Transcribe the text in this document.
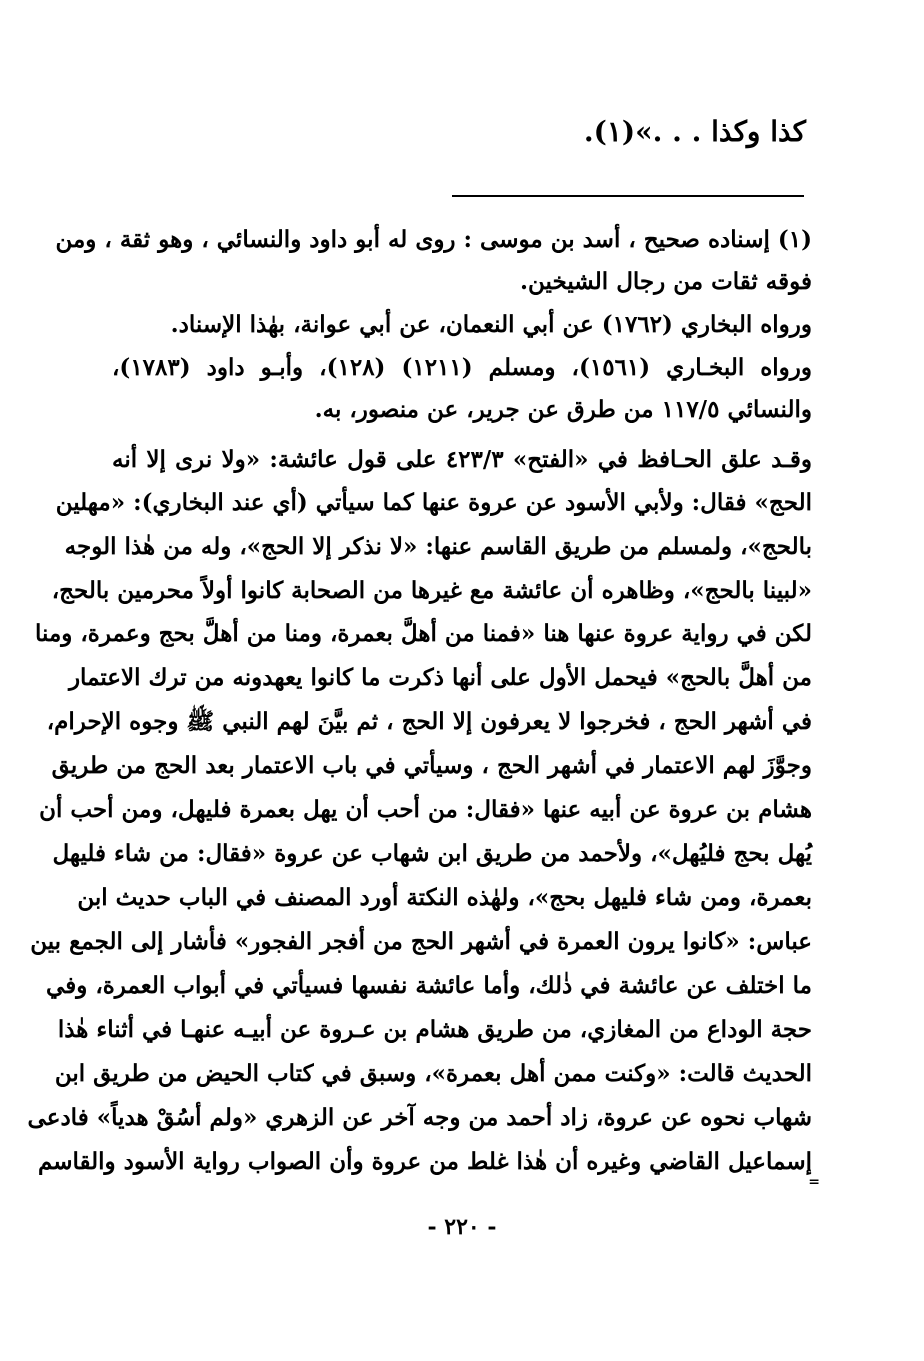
كذا وكذا . . .»(١).
(١) إسناده صحيح ، أسد بن موسى : روى له أبو داود والنسائي ، وهو ثقة ، ومن
فوقه ثقات من رجال الشيخين.
ورواه البخاري (١٧٦٢) عن أبي النعمان، عن أبي عوانة، بهٰذا الإسناد.
ورواه البخـاري (١٥٦١)، ومسلم (١٢١١) (١٢٨)، وأبـو داود (١٧٨٣)،
والنسائي ١١٧/٥ من طرق عن جرير، عن منصور، به.
وقـد علق الحـافظ في «الفتح» ٤٢٣/٣ على قول عائشة: «ولا نرى إلا أنه
الحج» فقال: ولأبي الأسود عن عروة عنها كما سيأتي (أي عند البخاري): «مهلين
بالحج»، ولمسلم من طريق القاسم عنها: «لا نذكر إلا الحج»، وله من هٰذا الوجه
«لبينا بالحج»، وظاهره أن عائشة مع غيرها من الصحابة كانوا أولاً محرمين بالحج،
لكن في رواية عروة عنها هنا «فمنا من أهلَّ بعمرة، ومنا من أهلَّ بحج وعمرة، ومنا
من أهلَّ بالحج» فيحمل الأول على أنها ذكرت ما كانوا يعهدونه من ترك الاعتمار
في أشهر الحج ، فخرجوا لا يعرفون إلا الحج ، ثم بيَّنَ لهم النبي ﷺ وجوه الإحرام،
وجوَّزَ لهم الاعتمار في أشهر الحج ، وسيأتي في باب الاعتمار بعد الحج من طريق
هشام بن عروة عن أبيه عنها «فقال: من أحب أن يهل بعمرة فليهل، ومن أحب أن
يُهل بحج فليُهل»، ولأحمد من طريق ابن شهاب عن عروة «فقال: من شاء فليهل
بعمرة، ومن شاء فليهل بحج»، ولهٰذه النكتة أورد المصنف في الباب حديث ابن
عباس: «كانوا يرون العمرة في أشهر الحج من أفجر الفجور» فأشار إلى الجمع بين
ما اختلف عن عائشة في ذٰلك، وأما عائشة نفسها فسيأتي في أبواب العمرة، وفي
حجة الوداع من المغازي، من طريق هشام بن عـروة عن أبيـه عنهـا في أثناء هٰذا
الحديث قالت: «وكنت ممن أهل بعمرة»، وسبق في كتاب الحيض من طريق ابن
شهاب نحوه عن عروة، زاد أحمد من وجه آخر عن الزهري «ولم أسُقْ هدياً» فادعى
إسماعيل القاضي وغيره أن هٰذا غلط من عروة وأن الصواب رواية الأسود والقاسم
=
- ٢٢٠ -
